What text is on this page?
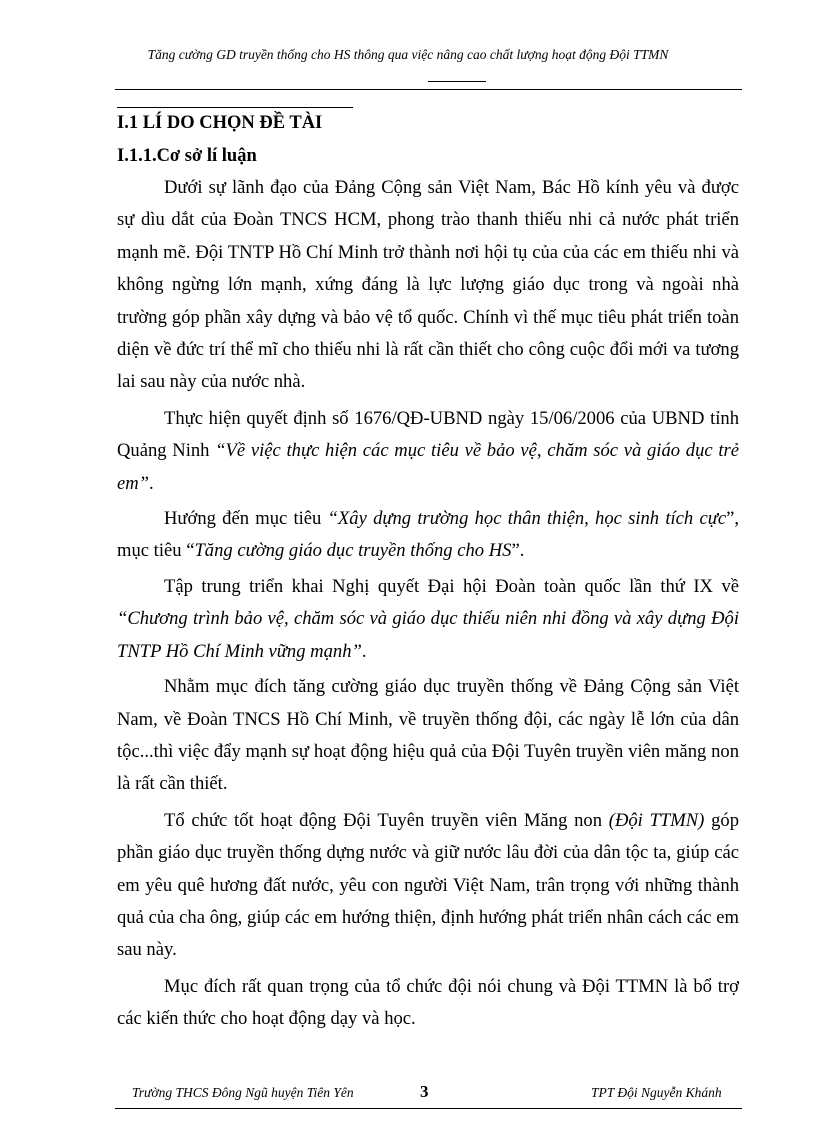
Tăng cường GD truyền thống cho HS thông qua việc nâng cao chất lượng hoạt động Đội TTMN
I.1 LÍ DO CHỌN ĐỀ TÀI
I.1.1.Cơ sở lí luận

Dưới sự lãnh đạo của Đảng Cộng sản Việt Nam, Bác Hồ kính yêu và được sự dìu dắt của Đoàn TNCS HCM, phong trào thanh thiếu nhi cả nước phát triển mạnh mẽ. Đội TNTP Hồ Chí Minh trở thành nơi hội tụ của của các em thiếu nhi và không ngừng lớn mạnh, xứng đáng là lực lượng giáo dục trong và ngoài nhà trường góp phần xây dựng và bảo vệ tổ quốc. Chính vì thế mục tiêu phát triển toàn diện về đức trí thể mĩ cho thiếu nhi là rất cần thiết cho công cuộc đổi mới va tương lai sau này của nước nhà.

Thực hiện quyết định số 1676/QĐ-UBND ngày 15/06/2006 của UBND tỉnh Quảng Ninh “Về việc thực hiện các mục tiêu về bảo vệ, chăm sóc và giáo dục trẻ em”.

Hướng đến mục tiêu “Xây dựng trường học thân thiện, học sinh tích cực”, mục tiêu “Tăng cường giáo dục truyền thống cho HS”.

Tập trung triển khai Nghị quyết Đại hội Đoàn toàn quốc lần thứ IX về “Chương trình bảo vệ, chăm sóc và giáo dục thiếu niên nhi đồng và xây dựng Đội TNTP Hồ Chí Minh vững mạnh”.

Nhằm mục đích tăng cường giáo dục truyền thống về Đảng Cộng sản Việt Nam, về Đoàn TNCS Hồ Chí Minh, về truyền thống đội, các ngày lễ lớn của dân tộc...thì việc đẩy mạnh sự hoạt động hiệu quả của Đội Tuyên truyền viên măng non là rất cần thiết.

Tổ chức tốt hoạt động Đội Tuyên truyền viên Măng non (Đội TTMN) góp phần giáo dục truyền thống dựng nước và giữ nước lâu đời của dân tộc ta, giúp các em yêu quê hương đất nước, yêu con người Việt Nam, trân trọng với những thành quả của cha ông, giúp các em hướng thiện, định hướng phát triển nhân cách các em sau này.

Mục đích rất quan trọng của tổ chức đội nói chung và Đội TTMN là bổ trợ các kiến thức cho hoạt động dạy và học.

Trường THCS Đông Ngũ huyện Tiên Yên	3	TPT Đội Nguyễn Khánh
